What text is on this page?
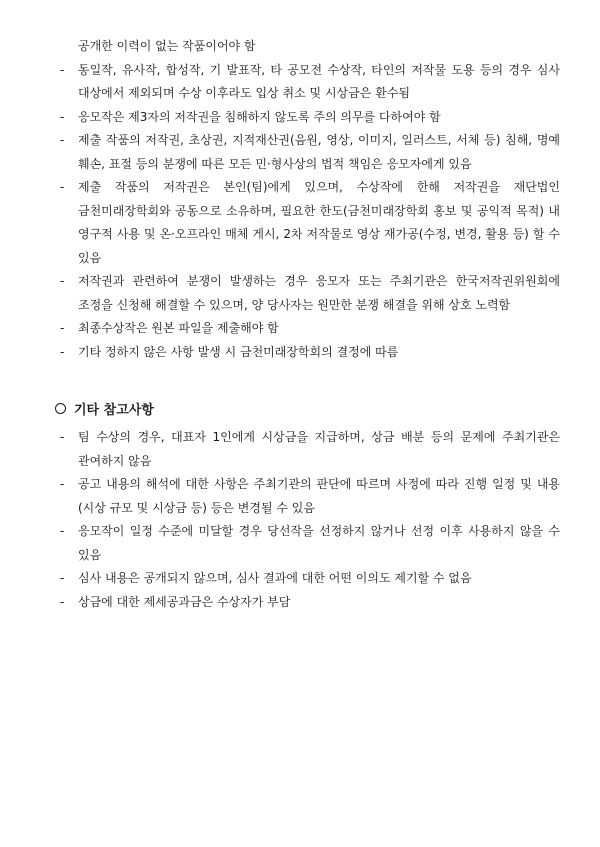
공개한 이력이 없는 작품이어야 함
-	동일작, 유사작, 합성작, 기 발표작, 타 공모전 수상작, 타인의 저작물 도용 등의 경우 심사 대상에서 제외되며 수상 이후라도 입상 취소 및 시상금은 환수됨
-	응모작은 제3자의 저작권을 침해하지 않도록 주의 의무를 다하여야 함
-	제출 작품의 저작권, 초상권, 지적재산권(음원, 영상, 이미지, 일러스트, 서체 등) 침해, 명예 훼손, 표절 등의 분쟁에 따른 모든 민·형사상의 법적 책임은 응모자에게 있음
-	제출 작품의 저작권은 본인(팀)에게 있으며, 수상작에 한해 저작권을 재단법인 금천미래장학회와 공동으로 소유하며, 필요한 한도(금천미래장학회 홍보 및 공익적 목적) 내 영구적 사용 및 온·오프라인 매체 게시, 2차 저작물로 영상 재가공(수정, 변경, 활용 등) 할 수 있음
-	저작권과 관련하여 분쟁이 발생하는 경우 응모자 또는 주최기관은 한국저작권위원회에 조정을 신청해 해결할 수 있으며, 양 당사자는 원만한 분쟁 해결을 위해 상호 노력함
-	최종수상작은 원본 파일을 제출해야 함
-	기타 정하지 않은 사항 발생 시 금천미래장학회의 결정에 따름
기타 참고사항
-	팀 수상의 경우, 대표자 1인에게 시상금을 지급하며, 상금 배분 등의 문제에 주최기관은 관여하지 않음
-	공고 내용의 해석에 대한 사항은 주최기관의 판단에 따르며 사정에 따라 진행 일정 및 내용(시상 규모 및 시상금 등) 등은 변경될 수 있음
-	응모작이 일정 수준에 미달할 경우 당선작을 선정하지 않거나 선정 이후 사용하지 않을 수 있음
-	심사 내용은 공개되지 않으며, 심사 결과에 대한 어떤 이의도 제기할 수 없음
-	상금에 대한 제세공과금은 수상자가 부담
